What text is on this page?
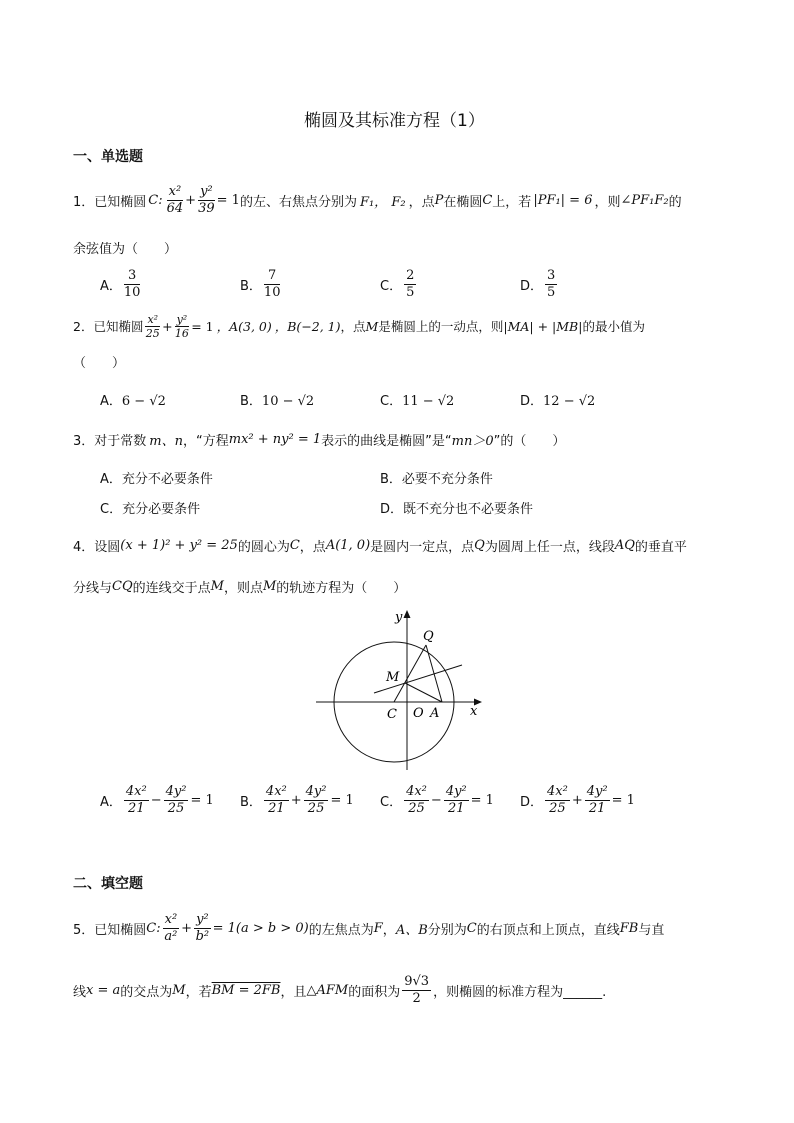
椭圆及其标准方程（1）
一、单选题
1． 已知椭圆 C: $\frac{\text{x²}}{64} + \frac{\text{y²}}{39} = 1$ 的左、右焦点分别为 F₁， F₂ ，点 P 在椭圆 C 上，若 |PF₁| = 6 ，则 ∠PF₁F₂ 的
余弦值为（　　）
A． $\frac{3}{10}$	B． $\frac{7}{10}$	C． $\frac{2}{5}$	D． $\frac{3}{5}$
2． 已知椭圆 $\frac{\text{x²}}{25} + \frac{\text{y²}}{16} = 1$ ，A(3, 0) ，B(−2, 1) ，点 M 是椭圆上的一动点，则 |MA| + |MB| 的最小值为
（　　）
A．6 − √2	B．10 − √2	C．11 − √2	D．12 − √2
3． 对于常数 m、n ，“方程 mx² + ny² = 1 表示的曲线是椭圆”是“ mn＞0 ”的（　　）
A．充分不必要条件	B．必要不充分条件
C．充分必要条件	D．既不充分也不必要条件
4． 设圆 (x + 1)² + y² = 25 的圆心为 C ，点 A(1, 0) 是圆内一定点，点 Q 为圆周上任一点，线段 AQ 的垂直平
分线与 CQ 的连线交于点 M ，则点 M 的轨迹方程为（　　）
y
x
Q
M
C O A
A． $\frac{\text{4x²}}{21} - \frac{\text{4y²}}{25} = 1$ B． $\frac{\text{4x²}}{21} + \frac{\text{4y²}}{25} = 1$ C． $\frac{\text{4x²}}{25} - \frac{\text{4y²}}{21} = 1$ D． $\frac{\text{4x²}}{25} + \frac{\text{4y²}}{21} = 1$
二、填空题
5． 已知椭圆 C: $\frac{\text{x²}}{\text{a²}} + \frac{\text{y²}}{\text{b²}} = 1(a > b > 0)$ 的左焦点为 F ， A、B 分别为 C 的右顶点和上顶点，直线 FB 与直
线 x = a 的交点为 M ，若 BM = 2FB ，且 △AFM 的面积为 $\frac{9√3}{2}$ ，则椭圆的标准方程为______.
